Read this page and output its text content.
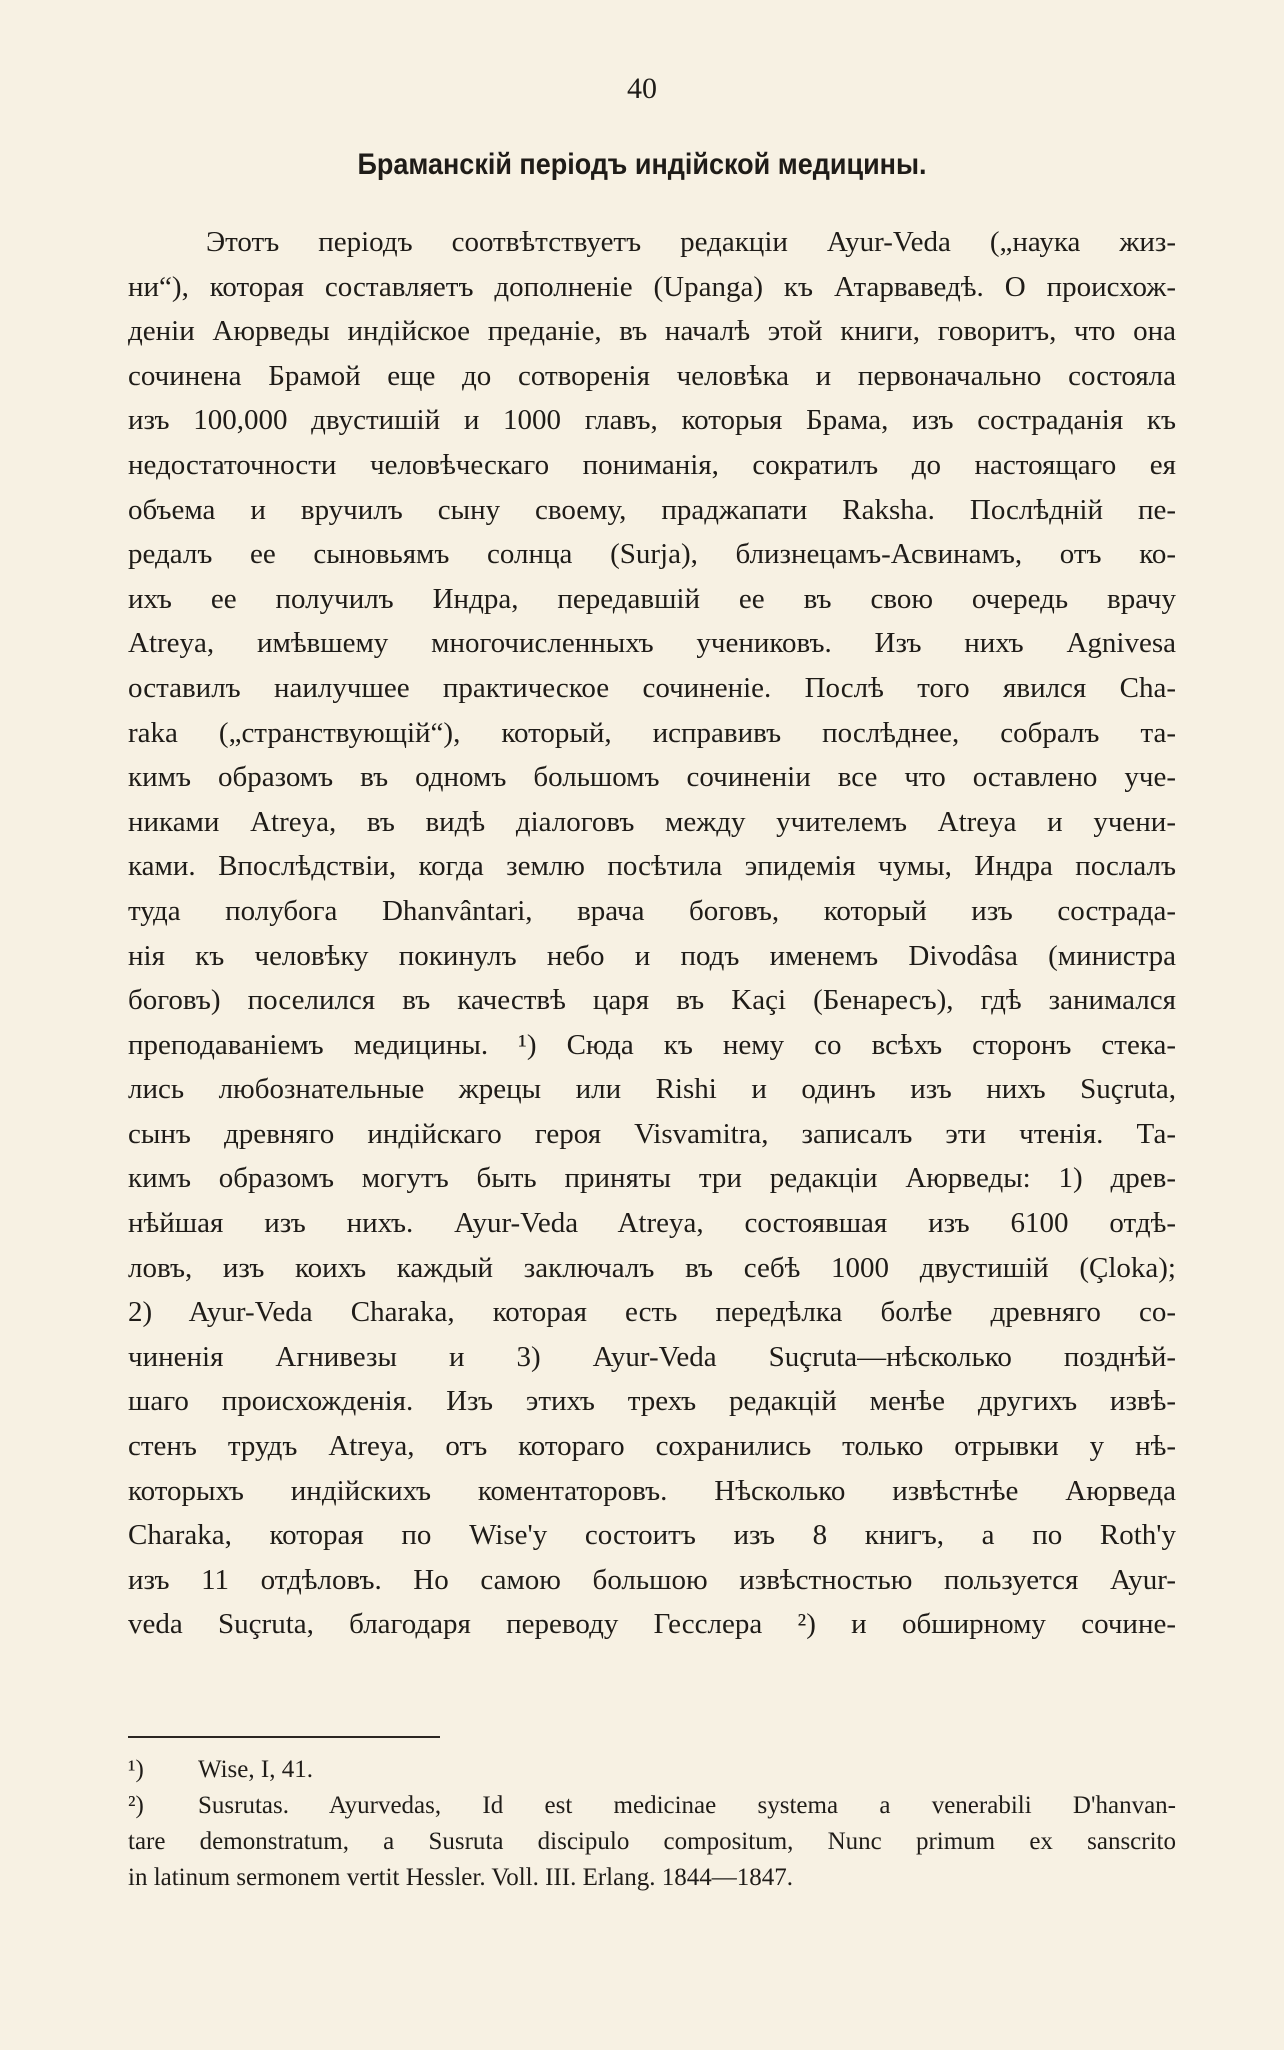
40
Браманскій періодъ индійской медицины.
Этотъ періодъ соотвѣтствуетъ редакціи Ayur-Veda („наука жиз-
ни“), которая составляетъ дополненіе (Upanga) къ Атарваведѣ. О происхож-
деніи Аюрведы индійское преданіе, въ началѣ этой книги, говоритъ, что она
сочинена Брамой еще до сотворенія человѣка и первоначально состояла
изъ 100,000 двустишій и 1000 главъ, которыя Брама, изъ состраданія къ
недостаточности человѣческаго пониманія, сократилъ до настоящаго ея
объема и вручилъ сыну своему, праджапати Raksha. Послѣдній пе-
редалъ ее сыновьямъ солнца (Surja), близнецамъ-Асвинамъ, отъ ко-
ихъ ее получилъ Индра, передавшій ее въ свою очередь врачу
Atreya, имѣвшему многочисленныхъ учениковъ. Изъ нихъ Agnivesa
оставилъ наилучшее практическое сочиненіе. Послѣ того явился Cha-
raka („странствующій“), который, исправивъ послѣднее, собралъ та-
кимъ образомъ въ одномъ большомъ сочиненіи все что оставлено уче-
никами Atreya, въ видѣ діалоговъ между учителемъ Atreya и учени-
ками. Впослѣдствіи, когда землю посѣтила эпидемія чумы, Индра послалъ
туда полубога Dhanvântari, врача боговъ, который изъ сострада-
нія къ человѣку покинулъ небо и подъ именемъ Divodâsa (министра
боговъ) поселился въ качествѣ царя въ Kaçi (Бенаресъ), гдѣ занимался
преподаваніемъ медицины. ¹) Сюда къ нему со всѣхъ сторонъ стека-
лись любознательные жрецы или Rishi и одинъ изъ нихъ Suçruta,
сынъ древняго индійскаго героя Visvamitra, записалъ эти чтенія. Та-
кимъ образомъ могутъ быть приняты три редакціи Аюрведы: 1) древ-
нѣйшая изъ нихъ. Ayur-Veda Atreya, состоявшая изъ 6100 отдѣ-
ловъ, изъ коихъ каждый заключалъ въ себѣ 1000 двустишій (Çloka);
2) Ayur-Veda Charaka, которая есть передѣлка болѣе древняго со-
чиненія Агнивезы и 3) Ayur-Veda Suçruta—нѣсколько позднѣй-
шаго происхожденія. Изъ этихъ трехъ редакцій менѣе другихъ извѣ-
стенъ трудъ Atreya, отъ котораго сохранились только отрывки у нѣ-
которыхъ индійскихъ коментаторовъ. Нѣсколько извѣстнѣе Аюрведа
Charaka, которая по Wise'у состоитъ изъ 8 книгъ, а по Roth'у
изъ 11 отдѣловъ. Но самою большою извѣстностью пользуется Ayur-
veda Suçruta, благодаря переводу Гесслера ²) и обширному сочине-
¹) Wise, I, 41.
²) Susrutas. Ayurvedas, Id est medicinae systema a venerabili D'hanvan-
tare demonstratum, a Susruta discipulo compositum, Nunc primum ex sanscrito
in latinum sermonem vertit Hessler. Voll. III. Erlang. 1844—1847.
